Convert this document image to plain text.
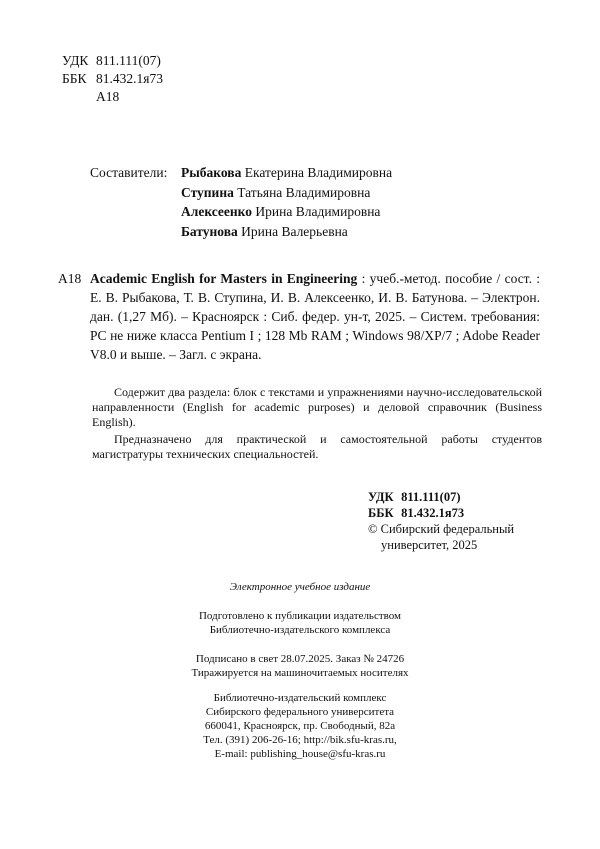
УДК 811.111(07)
ББК 81.432.1я73
А18
Составители: Рыбакова Екатерина Владимировна
Ступина Татьяна Владимировна
Алексеенко Ирина Владимировна
Батунова Ирина Валерьевна
А18 Academic English for Masters in Engineering : учеб.-метод. пособие / сост. : Е. В. Рыбакова, Т. В. Ступина, И. В. Алексеенко, И. В. Батунова. – Электрон. дан. (1,27 Мб). – Красноярск : Сиб. федер. ун-т, 2025. – Систем. требования: PC не ниже класса Pentium I ; 128 Mb RAM ; Windows 98/XP/7 ; Adobe Reader V8.0 и выше. – Загл. с экрана.

Содержит два раздела: блок с текстами и упражнениями научно-исследовательской направленности (English for academic purposes) и деловой справочник (Business English).

Предназначено для практической и самостоятельной работы студентов магистратуры технических специальностей.

УДК 811.111(07)
ББК 81.432.1я73
© Сибирский федеральный
университет, 2025
Электронное учебное издание
Подготовлено к публикации издательством
Библиотечно-издательского комплекса
Подписано в свет 28.07.2025. Заказ № 24726
Тиражируется на машиночитаемых носителях
Библиотечно-издательский комплекс
Сибирского федерального университета
660041, Красноярск, пр. Свободный, 82а
Тел. (391) 206-26-16; http://bik.sfu-kras.ru,
E-mail: publishing_house@sfu-kras.ru
